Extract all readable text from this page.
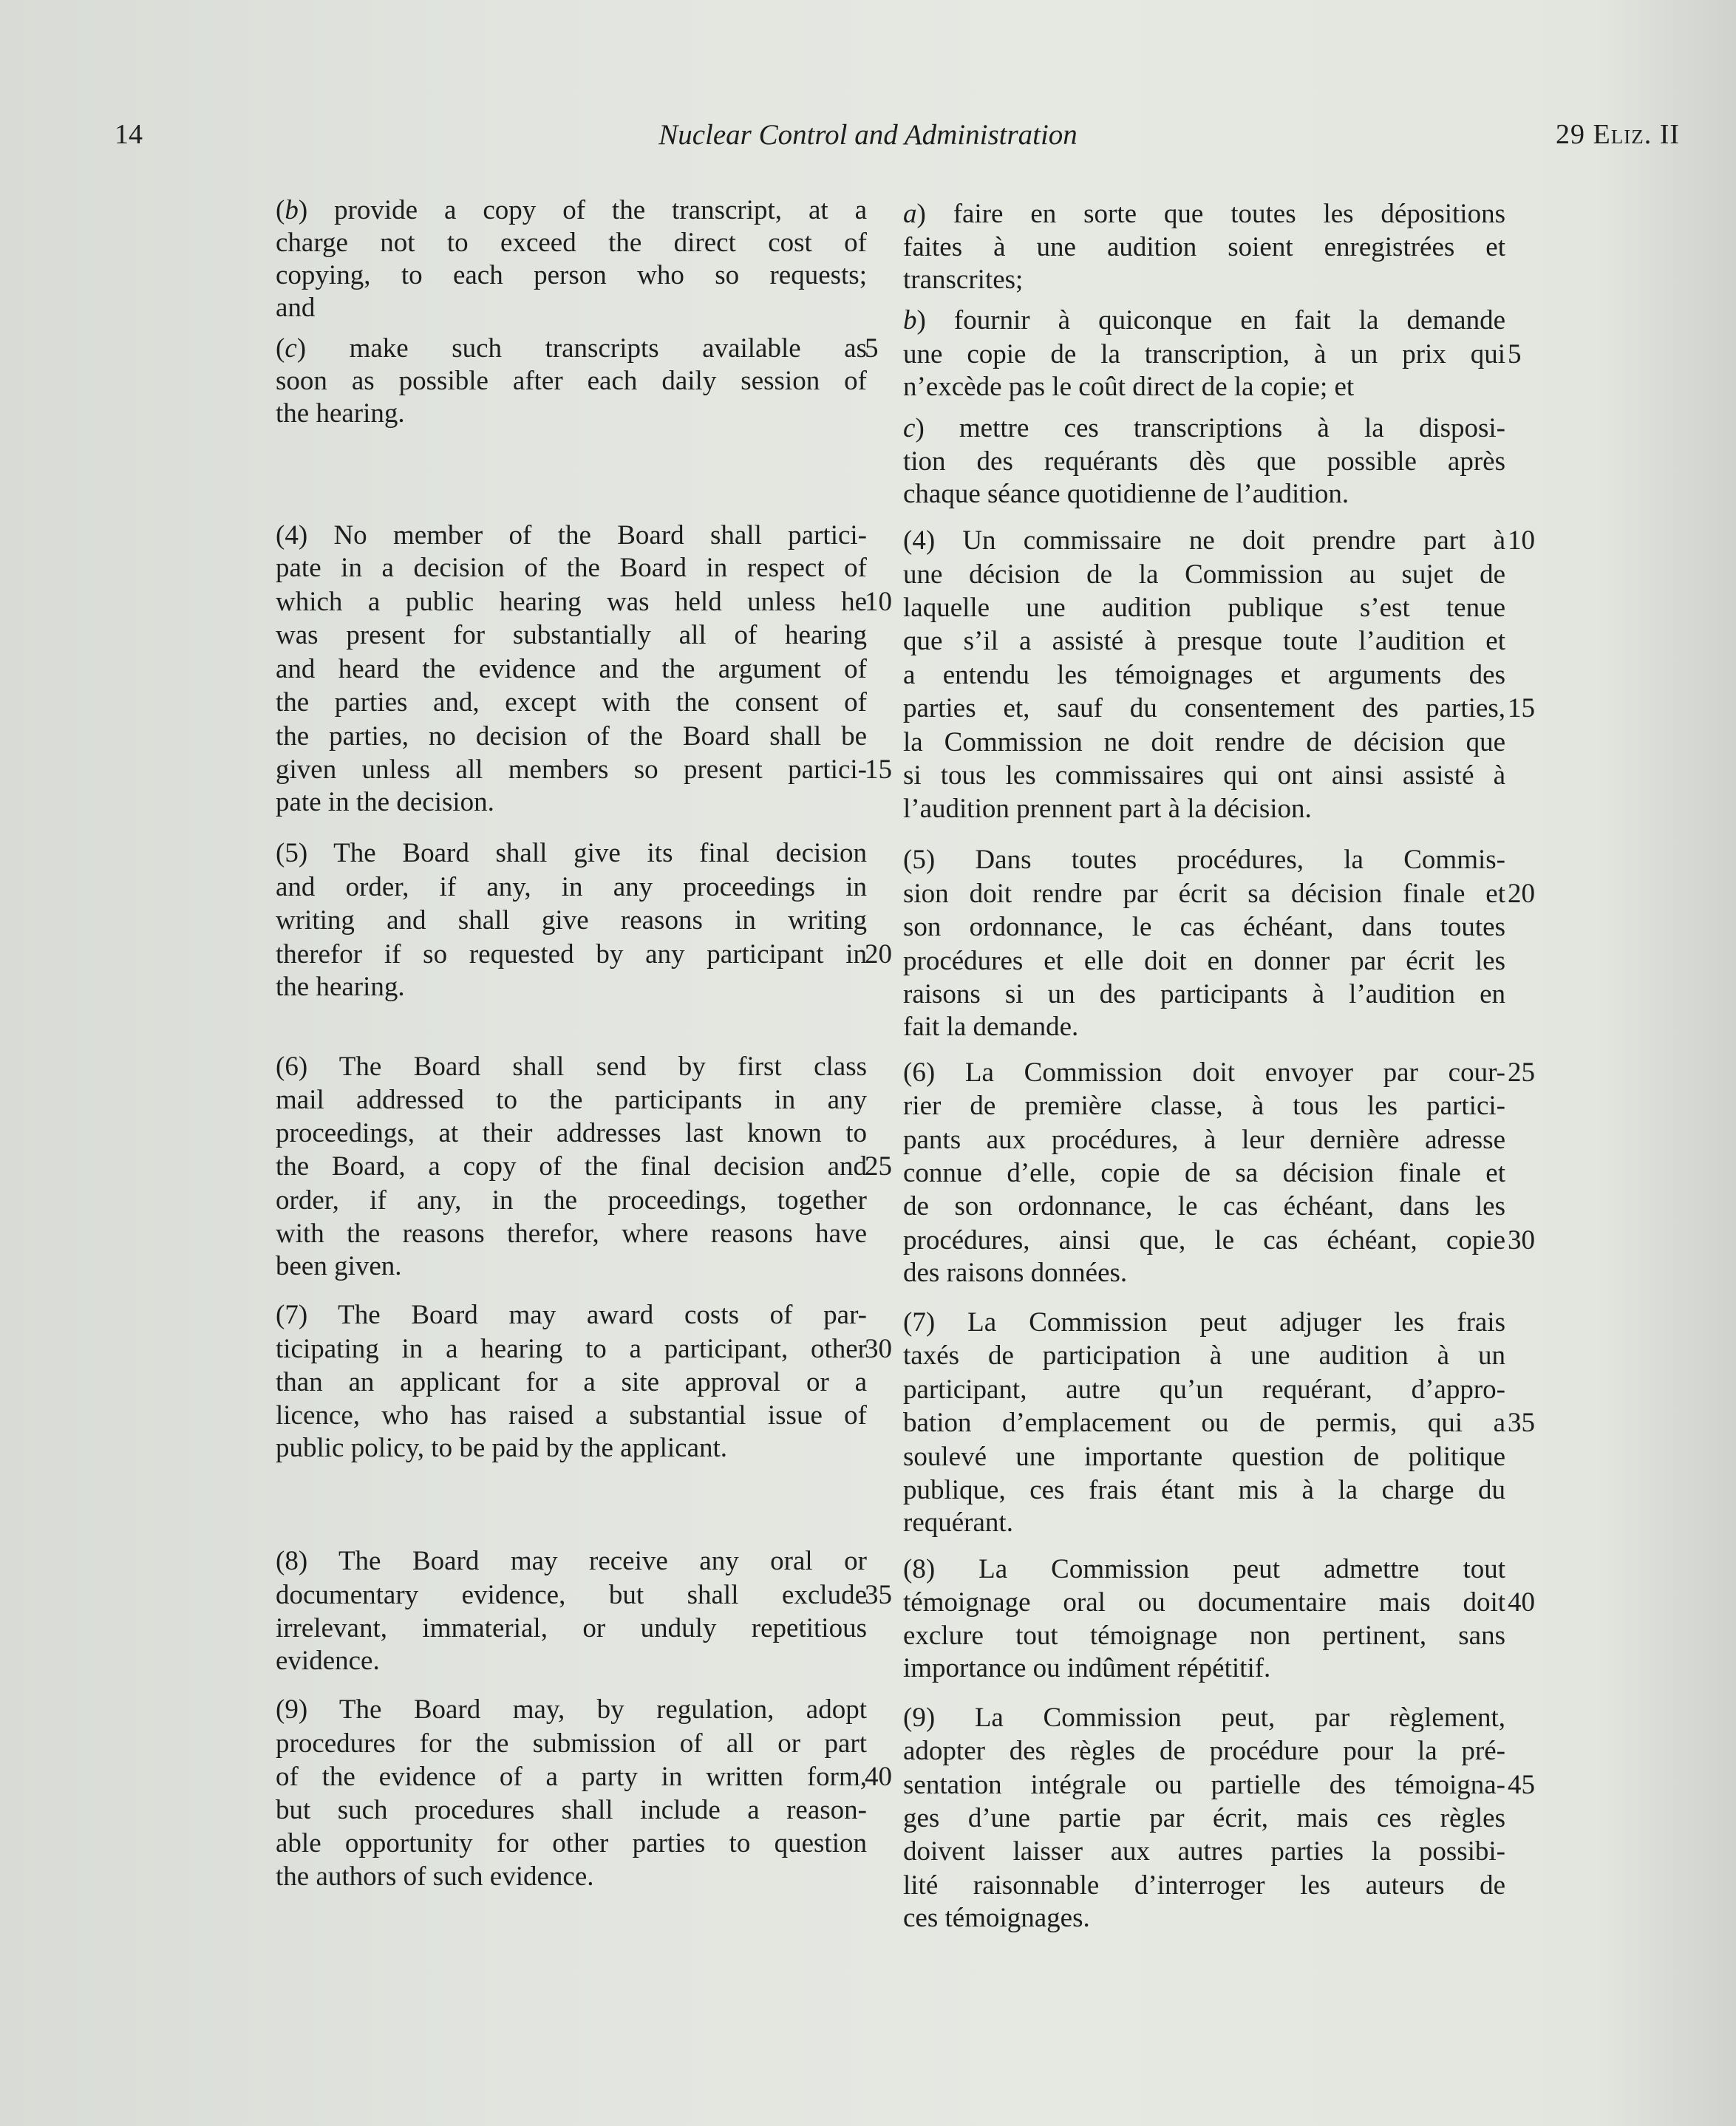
14	Nuclear Control and Administration	29 Eliz. II
(b) provide a copy of the transcript, at a
charge not to exceed the direct cost of
copying, to each person who so requests;
and
(c) make such transcripts available as
soon as possible after each daily session of
the hearing.
(4) No member of the Board shall partici-
pate in a decision of the Board in respect of
which a public hearing was held unless he
was present for substantially all of hearing
and heard the evidence and the argument of
the parties and, except with the consent of
the parties, no decision of the Board shall be
given unless all members so present partici-
pate in the decision.
(5) The Board shall give its final decision
and order, if any, in any proceedings in
writing and shall give reasons in writing
therefor if so requested by any participant in
the hearing.
(6) The Board shall send by first class
mail addressed to the participants in any
proceedings, at their addresses last known to
the Board, a copy of the final decision and
order, if any, in the proceedings, together
with the reasons therefor, where reasons have
been given.
(7) The Board may award costs of par-
ticipating in a hearing to a participant, other
than an applicant for a site approval or a
licence, who has raised a substantial issue of
public policy, to be paid by the applicant.
(8) The Board may receive any oral or
documentary evidence, but shall exclude
irrelevant, immaterial, or unduly repetitious
evidence.
(9) The Board may, by regulation, adopt
procedures for the submission of all or part
of the evidence of a party in written form,
but such procedures shall include a reason-
able opportunity for other parties to question
the authors of such evidence.
5
10
15
20
25
30
35
40
a) faire en sorte que toutes les dépositions
faites à une audition soient enregistrées et
transcrites;
b) fournir à quiconque en fait la demande
une copie de la transcription, à un prix qui
n’excède pas le coût direct de la copie; et
c) mettre ces transcriptions à la disposi-
tion des requérants dès que possible après
chaque séance quotidienne de l’audition.
(4) Un commissaire ne doit prendre part à
une décision de la Commission au sujet de
laquelle une audition publique s’est tenue
que s’il a assisté à presque toute l’audition et
a entendu les témoignages et arguments des
parties et, sauf du consentement des parties,
la Commission ne doit rendre de décision que
si tous les commissaires qui ont ainsi assisté à
l’audition prennent part à la décision.
(5) Dans toutes procédures, la Commis-
sion doit rendre par écrit sa décision finale et
son ordonnance, le cas échéant, dans toutes
procédures et elle doit en donner par écrit les
raisons si un des participants à l’audition en
fait la demande.
(6) La Commission doit envoyer par cour-
rier de première classe, à tous les partici-
pants aux procédures, à leur dernière adresse
connue d’elle, copie de sa décision finale et
de son ordonnance, le cas échéant, dans les
procédures, ainsi que, le cas échéant, copie
des raisons données.
(7) La Commission peut adjuger les frais
taxés de participation à une audition à un
participant, autre qu’un requérant, d’appro-
bation d’emplacement ou de permis, qui a
soulevé une importante question de politique
publique, ces frais étant mis à la charge du
requérant.
(8) La Commission peut admettre tout
témoignage oral ou documentaire mais doit
exclure tout témoignage non pertinent, sans
importance ou indûment répétitif.
(9) La Commission peut, par règlement,
adopter des règles de procédure pour la pré-
sentation intégrale ou partielle des témoigna-
ges d’une partie par écrit, mais ces règles
doivent laisser aux autres parties la possibi-
lité raisonnable d’interroger les auteurs de
ces témoignages.
5
10
15
20
25
30
35
40
45
